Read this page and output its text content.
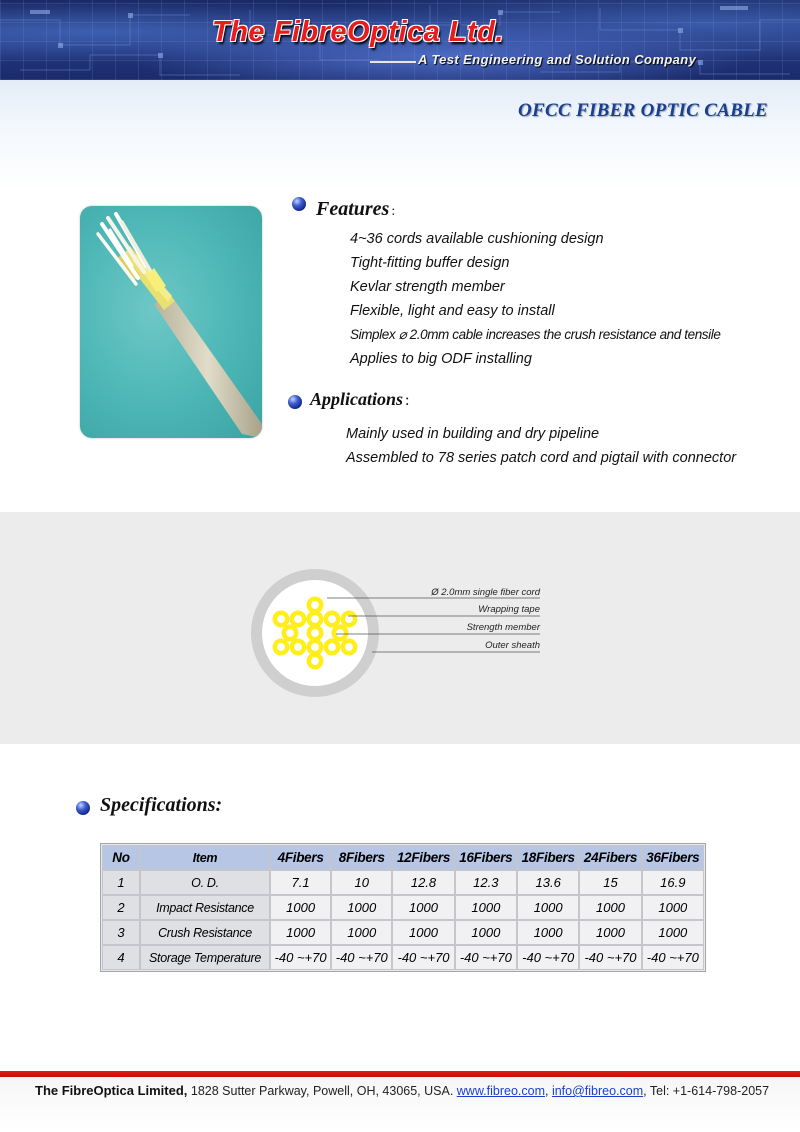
The FibreOptica Ltd.
A Test Engineering and Solution Company
OFCC FIBER OPTIC CABLE
Features :
4~36 cords available cushioning design
Tight-fitting buffer design
Kevlar strength member
Flexible, light and easy to install
Simplex ⌀ 2.0mm cable increases the crush resistance and tensile
Applies to big ODF installing
Applications :
Mainly used in building and dry pipeline
Assembled to 78 series patch cord and pigtail with connector
Ø 2.0mm single fiber cord
Wrapping tape
Strength member
Outer sheath
Specifications:
No	Item	4Fibers	8Fibers	12Fibers	16Fibers	18Fibers	24Fibers	36Fibers
1	O. D.	7.1	10	12.8	12.3	13.6	15	16.9
2	Impact Resistance	1000	1000	1000	1000	1000	1000	1000
3	Crush Resistance	1000	1000	1000	1000	1000	1000	1000
4	Storage Temperature	-40 ~+70	-40 ~+70	-40 ~+70	-40 ~+70	-40 ~+70	-40 ~+70	-40 ~+70
The FibreOptica Limited, 1828 Sutter Parkway, Powell, OH, 43065, USA. www.fibreo.com, info@fibreo.com, Tel: +1-614-798-2057
